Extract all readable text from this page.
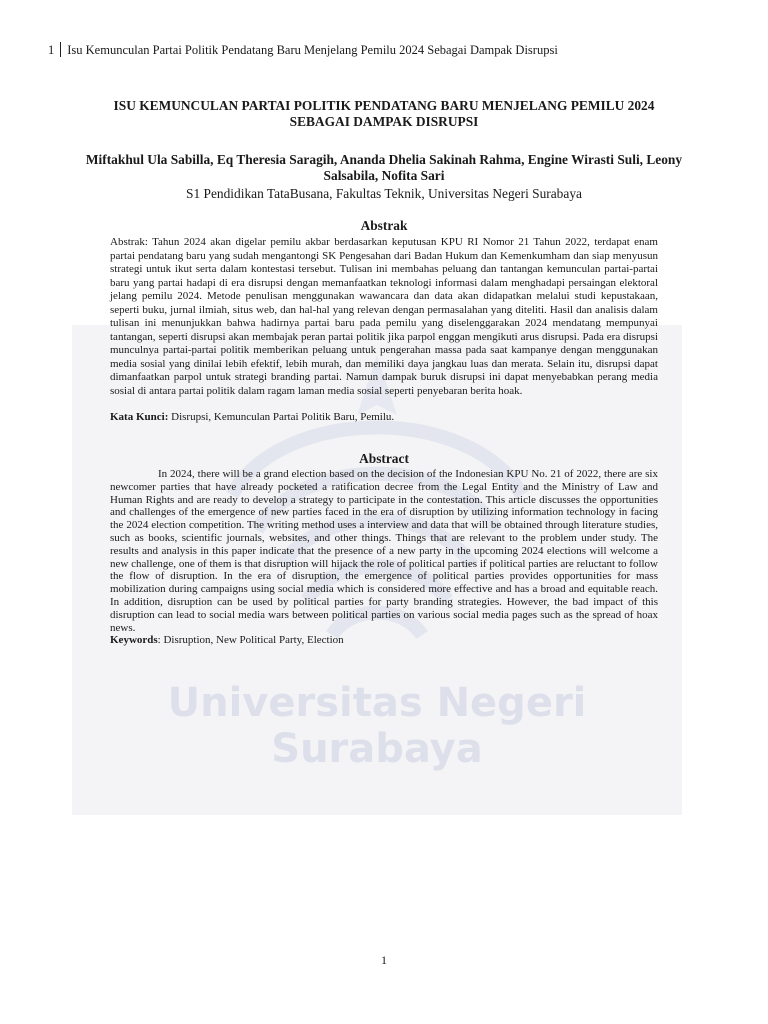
1 Isu Kemunculan Partai Politik Pendatang Baru Menjelang Pemilu 2024 Sebagai Dampak Disrupsi
Universitas Negeri Surabaya

ISU KEMUNCULAN PARTAI POLITIK PENDATANG BARU MENJELANG PEMILU 2024 SEBAGAI DAMPAK DISRUPSI

Miftakhul Ula Sabilla, Eq Theresia Saragih, Ananda Dhelia Sakinah Rahma, Engine Wirasti Suli, Leony Salsabila, Nofita Sari

S1 Pendidikan TataBusana, Fakultas Teknik, Universitas Negeri Surabaya

Abstrak

Abstrak: Tahun 2024 akan digelar pemilu akbar berdasarkan keputusan KPU RI Nomor 21 Tahun 2022, terdapat enam partai pendatang baru yang sudah mengantongi SK Pengesahan dari Badan Hukum dan Kemenkumham dan siap menyusun strategi untuk ikut serta dalam kontestasi tersebut. Tulisan ini membahas peluang dan tantangan kemunculan partai-partai baru yang partai hadapi di era disrupsi dengan memanfaatkan teknologi informasi dalam menghadapi persaingan elektoral jelang pemilu 2024. Metode penulisan menggunakan wawancara dan data akan didapatkan melalui studi kepustakaan, seperti buku, jurnal ilmiah, situs web, dan hal-hal yang relevan dengan permasalahan yang diteliti. Hasil dan analisis dalam tulisan ini menunjukkan bahwa hadirnya partai baru pada pemilu yang diselenggarakan 2024 mendatang mempunyai tantangan, seperti disrupsi akan membajak peran partai politik jika parpol enggan mengikuti arus disrupsi. Pada era disrupsi munculnya partai-partai politik memberikan peluang untuk pengerahan massa pada saat kampanye dengan menggunakan media sosial yang dinilai lebih efektif, lebih murah, dan memiliki daya jangkau luas dan merata. Selain itu, disrupsi dapat dimanfaatkan parpol untuk strategi branding partai. Namun dampak buruk disrupsi ini dapat menyebabkan perang media sosial di antara partai politik dalam ragam laman media sosial seperti penyebaran berita hoak.

Kata Kunci: Disrupsi, Kemunculan Partai Politik Baru, Pemilu.

Abstract

In 2024, there will be a grand election based on the decision of the Indonesian KPU No. 21 of 2022, there are six newcomer parties that have already pocketed a ratification decree from the Legal Entity and the Ministry of Law and Human Rights and are ready to develop a strategy to participate in the contestation. This article discusses the opportunities and challenges of the emergence of new parties faced in the era of disruption by utilizing information technology in facing the 2024 election competition. The writing method uses a interview and data that will be obtained through literature studies, such as books, scientific journals, websites, and other things. Things that are relevant to the problem under study. The results and analysis in this paper indicate that the presence of a new party in the upcoming 2024 elections will welcome a new challenge, one of them is that disruption will hijack the role of political parties if political parties are reluctant to follow the flow of disruption. In the era of disruption, the emergence of political parties provides opportunities for mass mobilization during campaigns using social media which is considered more effective and has a broad and equitable reach. In addition, disruption can be used by political parties for party branding strategies. However, the bad impact of this disruption can lead to social media wars between political parties on various social media pages such as the spread of hoax news.

Keywords: Disruption, New Political Party, Election

1
